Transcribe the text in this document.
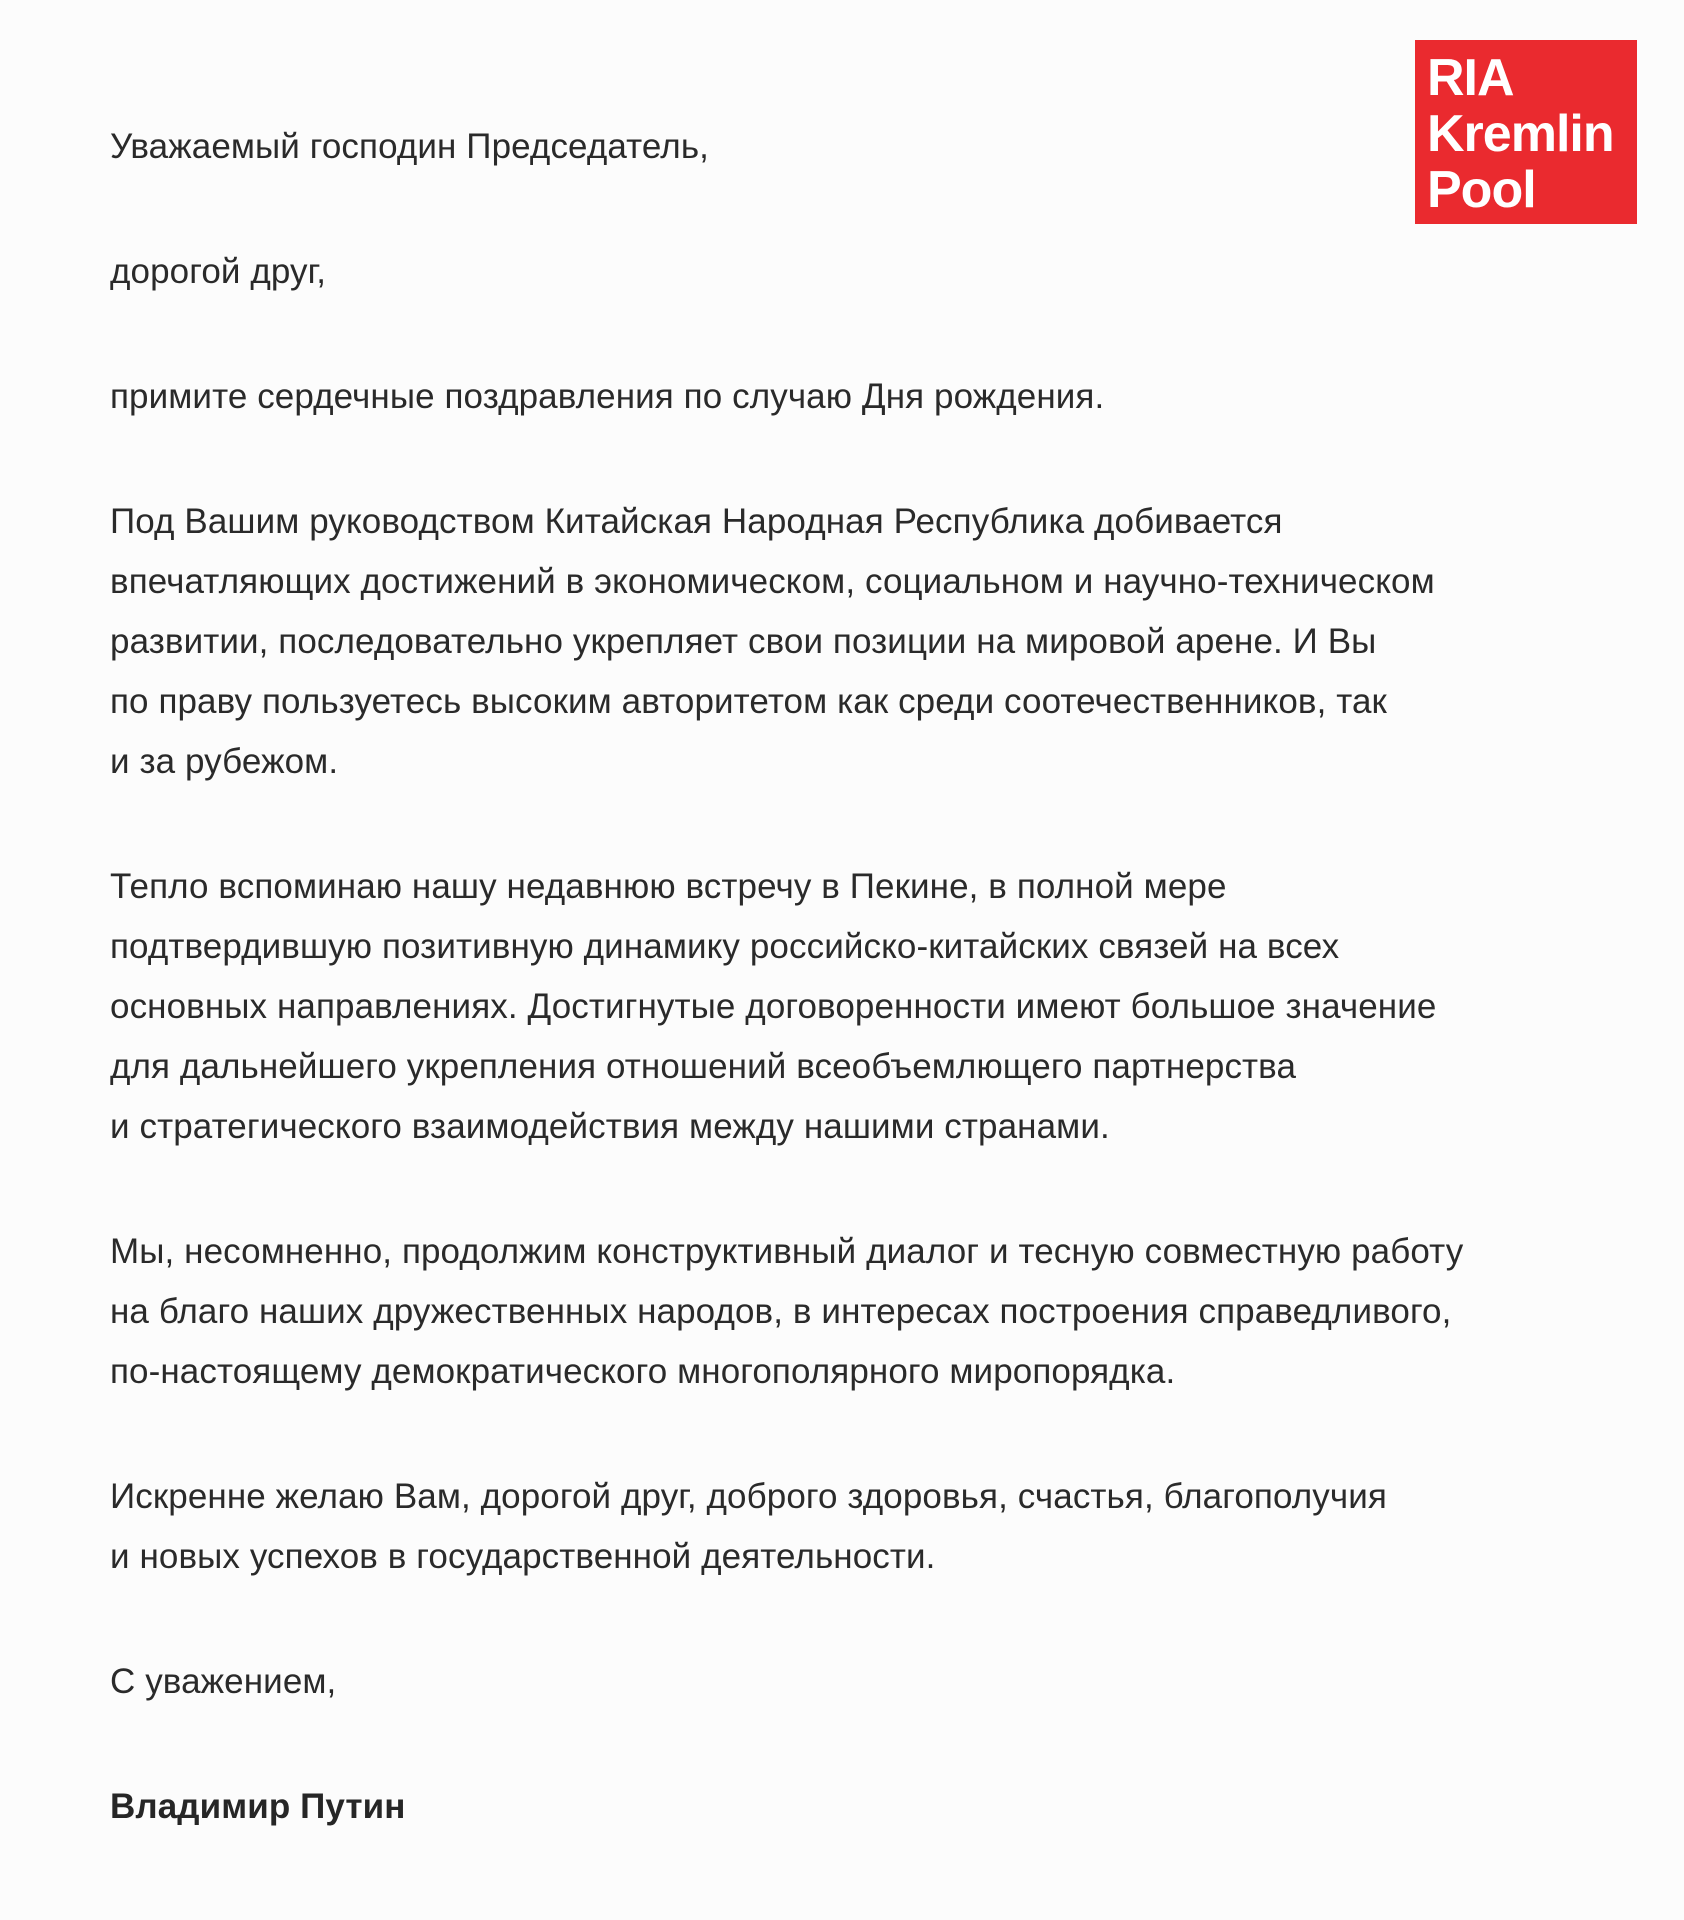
RIA
Kremlin
Pool

Уважаемый господин Председатель,

дорогой друг,

примите сердечные поздравления по случаю Дня рождения.

Под Вашим руководством Китайская Народная Республика добивается
впечатляющих достижений в экономическом, социальном и научно-техническом
развитии, последовательно укрепляет свои позиции на мировой арене. И Вы
по праву пользуетесь высоким авторитетом как среди соотечественников, так
и за рубежом.

Тепло вспоминаю нашу недавнюю встречу в Пекине, в полной мере
подтвердившую позитивную динамику российско-китайских связей на всех
основных направлениях. Достигнутые договоренности имеют большое значение
для дальнейшего укрепления отношений всеобъемлющего партнерства
и стратегического взаимодействия между нашими странами.

Мы, несомненно, продолжим конструктивный диалог и тесную совместную работу
на благо наших дружественных народов, в интересах построения справедливого,
по-настоящему демократического многополярного миропорядка.

Искренне желаю Вам, дорогой друг, доброго здоровья, счастья, благополучия
и новых успехов в государственной деятельности.

С уважением,

Владимир Путин
